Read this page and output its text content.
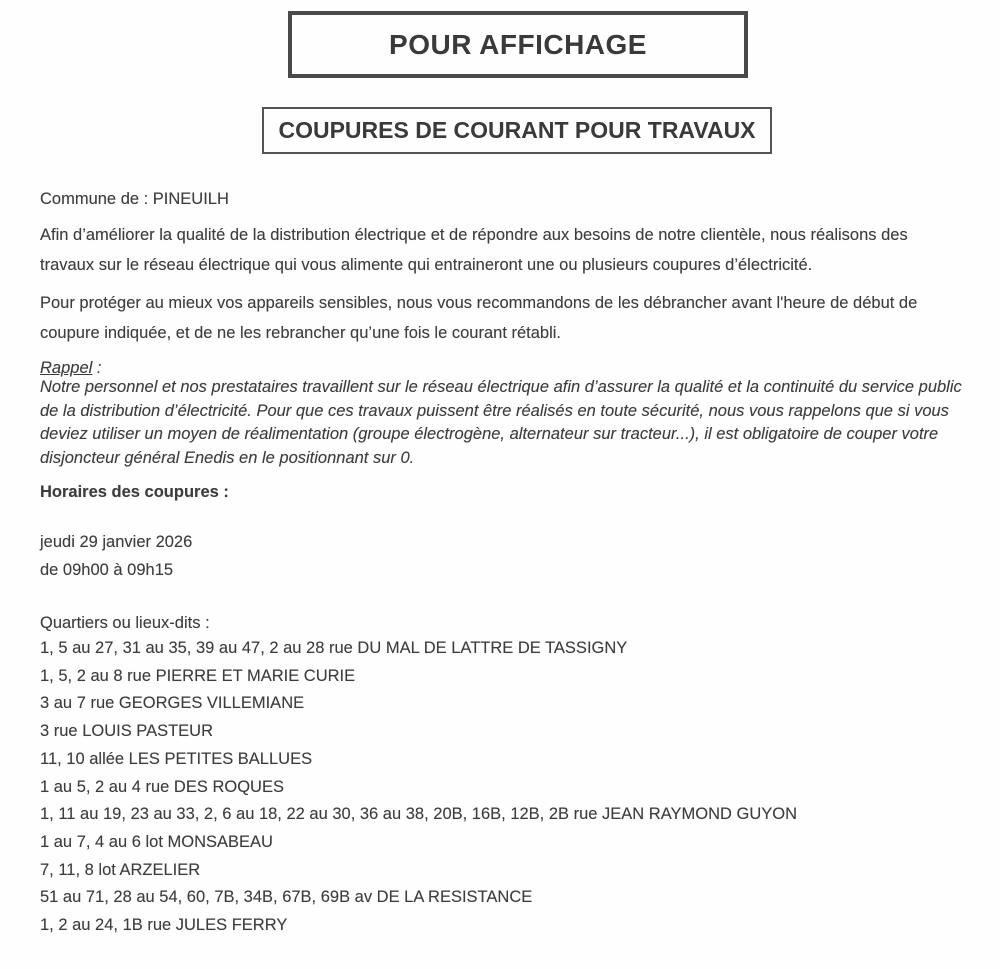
POUR AFFICHAGE
COUPURES DE COURANT POUR TRAVAUX
Commune de : PINEUILH
Afin d’améliorer la qualité de la distribution électrique et de répondre aux besoins de notre clientèle, nous réalisons des travaux sur le réseau électrique qui vous alimente qui entraineront une ou plusieurs coupures d’électricité.
Pour protéger au mieux vos appareils sensibles, nous vous recommandons de les débrancher avant l'heure de début de coupure indiquée, et de ne les rebrancher qu’une fois le courant rétabli.
Rappel :
Notre personnel et nos prestataires travaillent sur le réseau électrique afin d’assurer la qualité et la continuité du service public de la distribution d’électricité. Pour que ces travaux puissent être réalisés en toute sécurité, nous vous rappelons que si vous deviez utiliser un moyen de réalimentation (groupe électrogène, alternateur sur tracteur...), il est obligatoire de couper votre disjoncteur général Enedis en le positionnant sur 0.
Horaires des coupures :
jeudi 29 janvier 2026
de 09h00 à 09h15
Quartiers ou lieux-dits :
1, 5 au 27, 31 au 35, 39 au 47, 2 au 28 rue DU MAL DE LATTRE DE TASSIGNY
1, 5, 2 au 8 rue PIERRE ET MARIE CURIE
3 au 7 rue GEORGES VILLEMIANE
3 rue LOUIS PASTEUR
11, 10 allée LES PETITES BALLUES
1 au 5, 2 au 4 rue DES ROQUES
1, 11 au 19, 23 au 33, 2, 6 au 18, 22 au 30, 36 au 38, 20B, 16B, 12B, 2B rue JEAN RAYMOND GUYON
1 au 7, 4 au 6 lot MONSABEAU
7, 11, 8 lot ARZELIER
51 au 71, 28 au 54, 60, 7B, 34B, 67B, 69B av DE LA RESISTANCE
1, 2 au 24, 1B rue JULES FERRY
